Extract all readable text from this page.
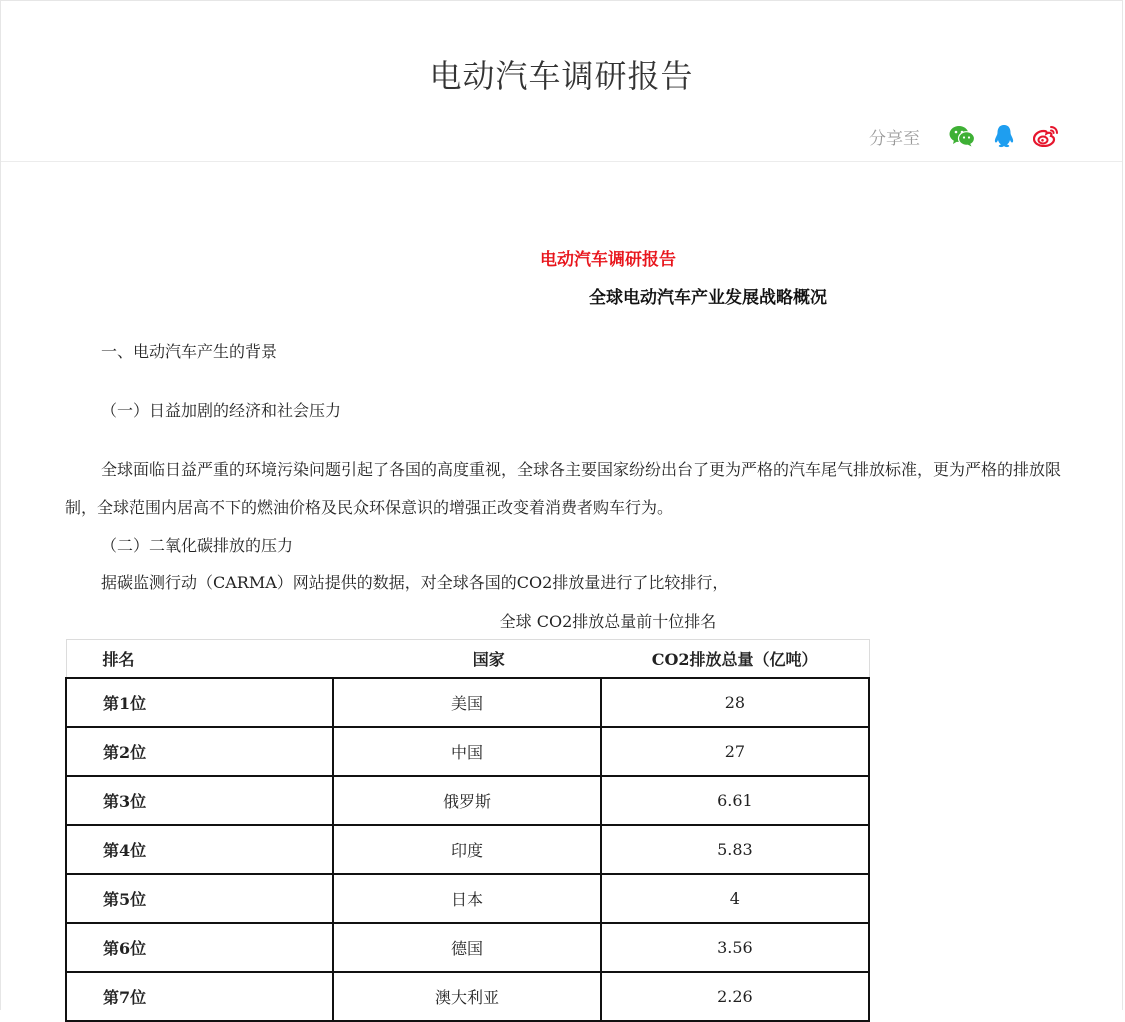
电动汽车调研报告
分享至
电动汽车调研报告
全球电动汽车产业发展战略概况
一、电动汽车产生的背景
（一）日益加剧的经济和社会压力
全球面临日益严重的环境污染问题引起了各国的高度重视，全球各主要国家纷纷出台了更为严格的汽车尾气排放标准，更为严格的排放限制，全球范围内居高不下的燃油价格及民众环保意识的增强正改变着消费者购车行为。
（二）二氧化碳排放的压力
据碳监测行动（CARMA）网站提供的数据，对全球各国的CO2排放量进行了比较排行，
全球 CO2排放总量前十位排名
排名	国家	CO2排放总量（亿吨）
第1位	美国	28
第2位	中国	27
第3位	俄罗斯	6.61
第4位	印度	5.83
第5位	日本	4
第6位	德国	3.56
第7位	澳大利亚	2.26
